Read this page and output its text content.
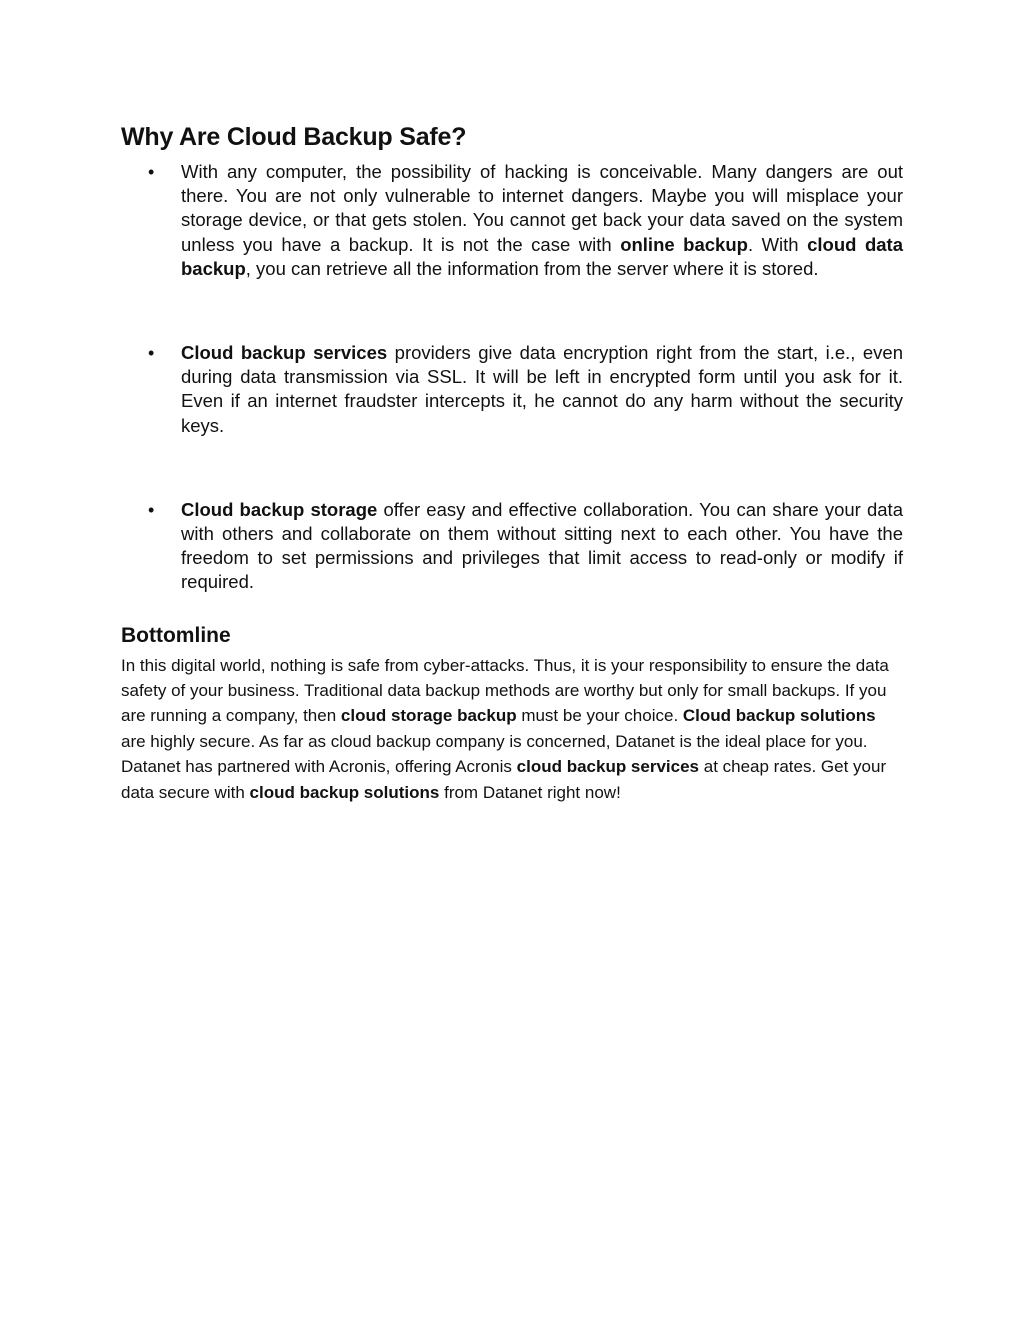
Why Are Cloud Backup Safe?
• With any computer, the possibility of hacking is conceivable. Many dangers are out there. You are not only vulnerable to internet dangers. Maybe you will misplace your storage device, or that gets stolen. You cannot get back your data saved on the system unless you have a backup. It is not the case with online backup. With cloud data backup, you can retrieve all the information from the server where it is stored.
• Cloud backup services providers give data encryption right from the start, i.e., even during data transmission via SSL. It will be left in encrypted form until you ask for it. Even if an internet fraudster intercepts it, he cannot do any harm without the security keys.
• Cloud backup storage offer easy and effective collaboration. You can share your data with others and collaborate on them without sitting next to each other. You have the freedom to set permissions and privileges that limit access to read-only or modify if required.
Bottomline

In this digital world, nothing is safe from cyber-attacks. Thus, it is your responsibility to ensure the data safety of your business. Traditional data backup methods are worthy but only for small backups. If you are running a company, then cloud storage backup must be your choice. Cloud backup solutions are highly secure. As far as cloud backup company is concerned, Datanet is the ideal place for you. Datanet has partnered with Acronis, offering Acronis cloud backup services at cheap rates. Get your data secure with cloud backup solutions from Datanet right now!
